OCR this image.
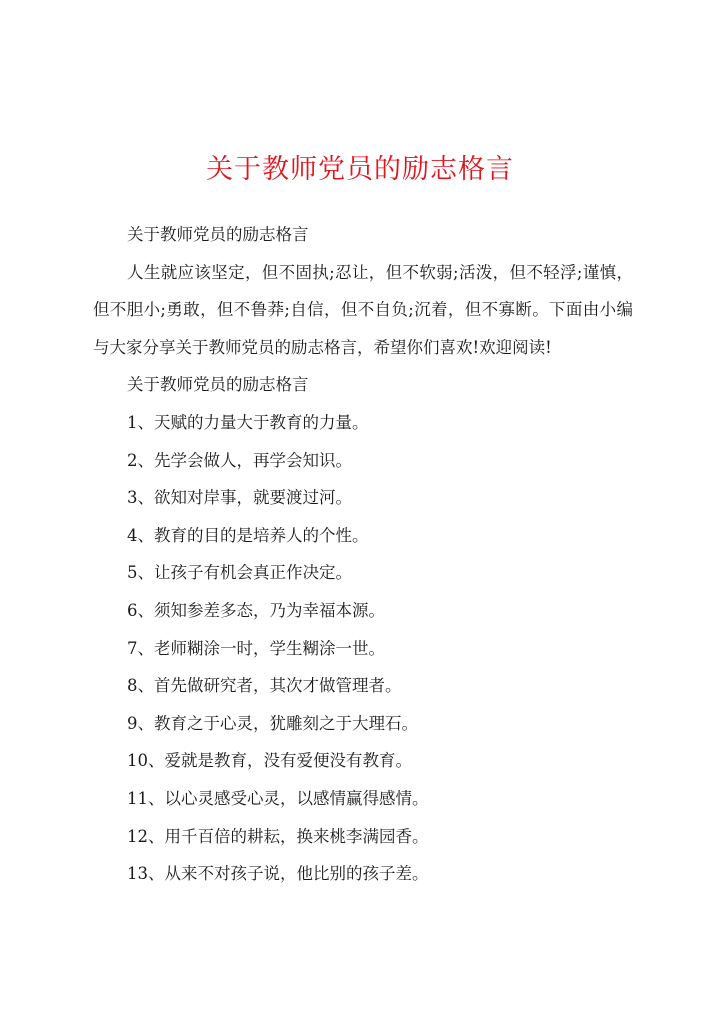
关于教师党员的励志格言

关于教师党员的励志格言

人生就应该坚定，但不固执;忍让，但不软弱;活泼，但不轻浮;谨慎，但不胆小;勇敢，但不鲁莽;自信，但不自负;沉着，但不寡断。下面由小编与大家分享关于教师党员的励志格言，希望你们喜欢!欢迎阅读!

关于教师党员的励志格言

1、天赋的力量大于教育的力量。
2、先学会做人，再学会知识。
3、欲知对岸事，就要渡过河。
4、教育的目的是培养人的个性。
5、让孩子有机会真正作决定。
6、须知参差多态，乃为幸福本源。
7、老师糊涂一时，学生糊涂一世。
8、首先做研究者，其次才做管理者。
9、教育之于心灵，犹雕刻之于大理石。
10、爱就是教育，没有爱便没有教育。
11、以心灵感受心灵，以感情赢得感情。
12、用千百倍的耕耘，换来桃李满园香。
13、从来不对孩子说，他比别的孩子差。
